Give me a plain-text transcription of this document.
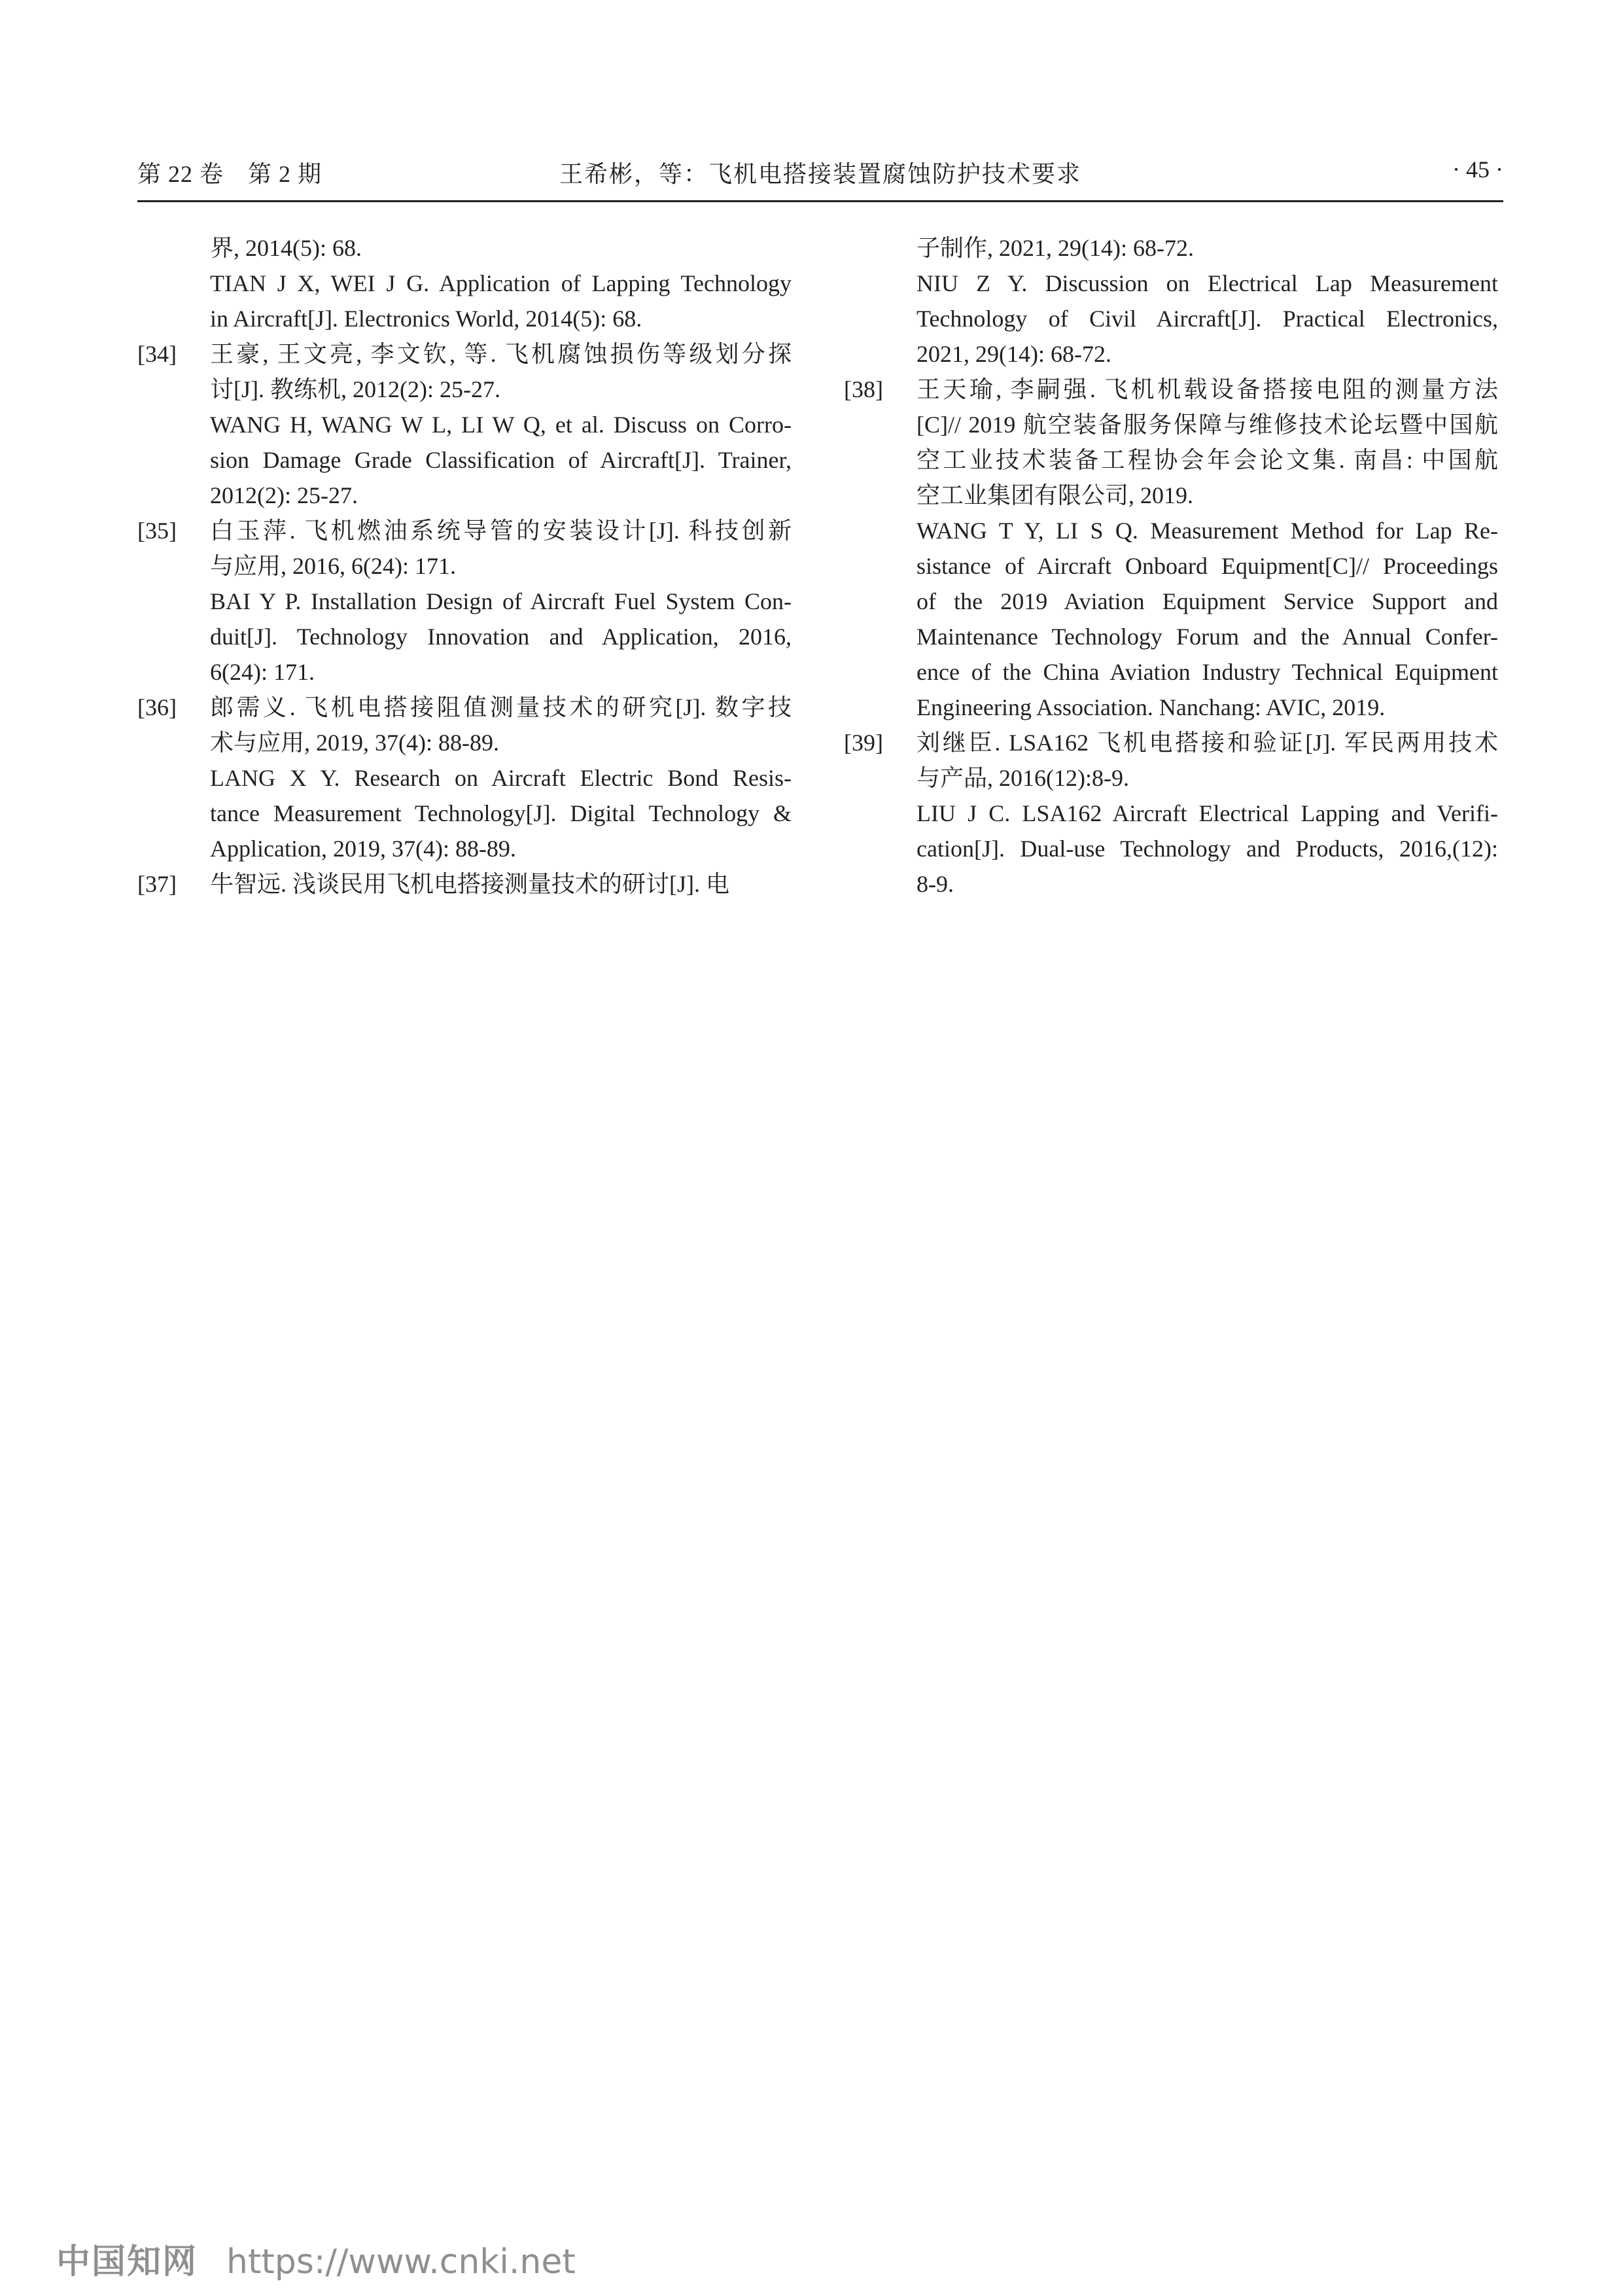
第 22 卷　第 2 期	王希彬，等：飞机电搭接装置腐蚀防护技术要求	· 45 ·
界, 2014(5): 68.
TIAN J X, WEI J G. Application of Lapping Technology
in Aircraft[J]. Electronics World, 2014(5): 68.
[34]	王豪, 王文亮, 李文钦, 等. 飞机腐蚀损伤等级划分探
讨[J]. 教练机, 2012(2): 25-27.
WANG H, WANG W L, LI W Q, et al. Discuss on Corro-
sion Damage Grade Classification of Aircraft[J]. Trainer,
2012(2): 25-27.
[35]	白玉萍. 飞机燃油系统导管的安装设计[J]. 科技创新
与应用, 2016, 6(24): 171.
BAI Y P. Installation Design of Aircraft Fuel System Con-
duit[J]. Technology Innovation and Application, 2016,
6(24): 171.
[36]	郎需义. 飞机电搭接阻值测量技术的研究[J]. 数字技
术与应用, 2019, 37(4): 88-89.
LANG X Y. Research on Aircraft Electric Bond Resis-
tance Measurement Technology[J]. Digital Technology &
Application, 2019, 37(4): 88-89.
[37]	牛智远. 浅谈民用飞机电搭接测量技术的研讨[J]. 电
子制作, 2021, 29(14): 68-72.
NIU Z Y. Discussion on Electrical Lap Measurement
Technology of Civil Aircraft[J]. Practical Electronics,
2021, 29(14): 68-72.
[38]	王天瑜, 李嗣强. 飞机机载设备搭接电阻的测量方法
[C]// 2019 航空装备服务保障与维修技术论坛暨中国航
空工业技术装备工程协会年会论文集. 南昌: 中国航
空工业集团有限公司, 2019.
WANG T Y, LI S Q. Measurement Method for Lap Re-
sistance of Aircraft Onboard Equipment[C]// Proceedings
of the 2019 Aviation Equipment Service Support and
Maintenance Technology Forum and the Annual Confer-
ence of the China Aviation Industry Technical Equipment
Engineering Association. Nanchang: AVIC, 2019.
[39]	刘继臣. LSA162 飞机电搭接和验证[J]. 军民两用技术
与产品, 2016(12):8-9.
LIU J C. LSA162 Aircraft Electrical Lapping and Verifi-
cation[J]. Dual-use Technology and Products, 2016,(12):
8-9.
中国知网 https://www.cnki.net
